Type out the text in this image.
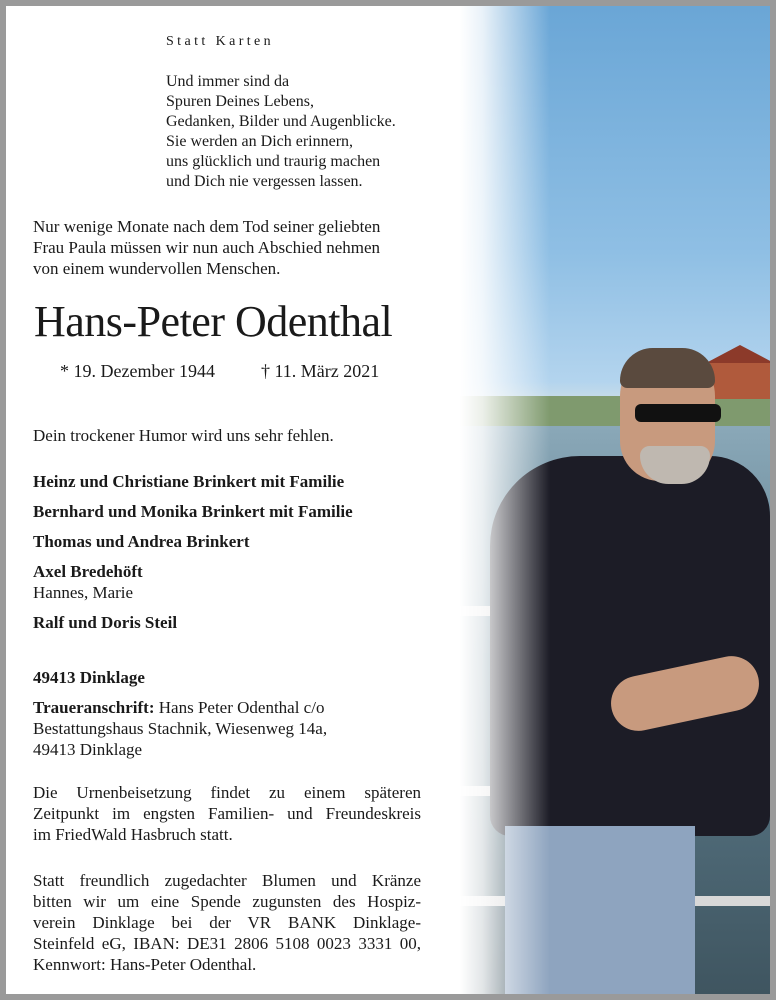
Statt Karten
Und immer sind da
Spuren Deines Lebens,
Gedanken, Bilder und Augenblicke.
Sie werden an Dich erinnern,
uns glücklich und traurig machen
und Dich nie vergessen lassen.
Nur wenige Monate nach dem Tod seiner geliebten
Frau Paula müssen wir nun auch Abschied nehmen
von einem wundervollen Menschen.
Hans-Peter Odenthal
* 19. Dezember 1944	† 11. März 2021
Dein trockener Humor wird uns sehr fehlen.
Heinz und Christiane Brinkert mit Familie
Bernhard und Monika Brinkert mit Familie
Thomas und Andrea Brinkert
Axel Bredehöft
Hannes, Marie
Ralf und Doris Steil
49413 Dinklage
Traueranschrift: Hans Peter Odenthal c/o
Bestattungshaus Stachnik, Wiesenweg 14a,
49413 Dinklage
Die Urnenbeisetzung findet zu einem späteren
Zeitpunkt im engsten Familien- und Freundeskreis
im FriedWald Hasbruch statt.
Statt freundlich zugedachter Blumen und Kränze
bitten wir um eine Spende zugunsten des Hospiz-
verein Dinklage bei der VR BANK Dinklage-
Steinfeld eG, IBAN: DE31 2806 5108 0023 3331 00,
Kennwort: Hans-Peter Odenthal.
